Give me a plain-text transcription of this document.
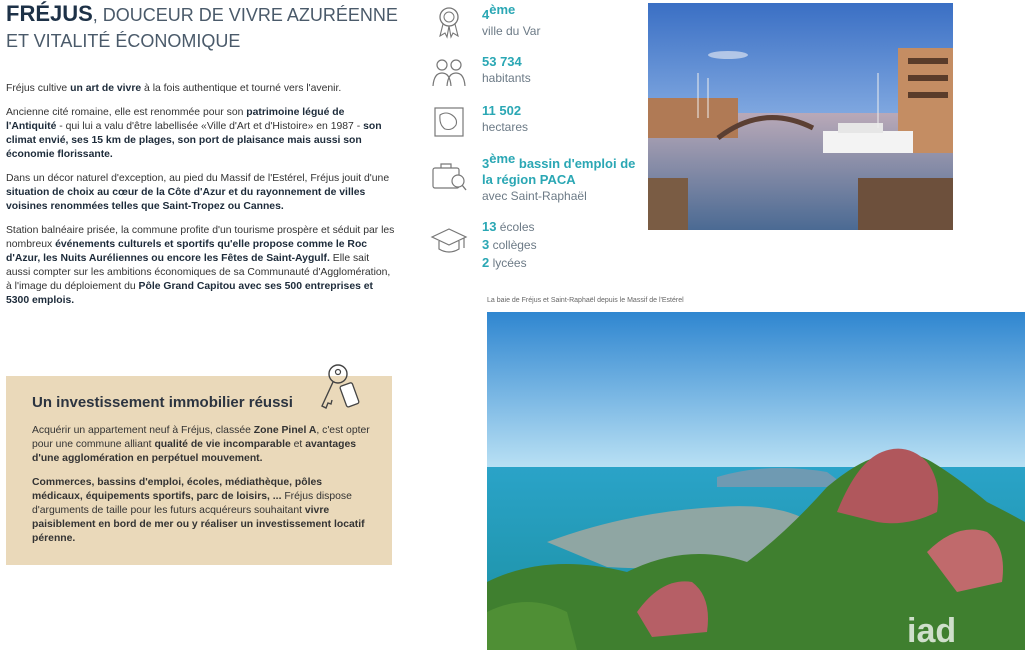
FRÉJUS, DOUCEUR DE VIVRE AZURÉENNE
ET VITALITÉ ÉCONOMIQUE

Fréjus cultive un art de vivre à la fois authentique et tourné vers l'avenir.

Ancienne cité romaine, elle est renommée pour son patrimoine légué de l'Antiquité - qui lui a valu d'être labellisée «Ville d'Art et d'Histoire» en 1987 - son climat envié, ses 15 km de plages, son port de plaisance mais aussi son économie florissante.

Dans un décor naturel d'exception, au pied du Massif de l'Estérel, Fréjus jouit d'une situation de choix au cœur de la Côte d'Azur et du rayonnement de villes voisines renommées telles que Saint-Tropez ou Cannes.

Station balnéaire prisée, la commune profite d'un tourisme prospère et séduit par les nombreux événements culturels et sportifs qu'elle propose comme le Roc d'Azur, les Nuits Auréliennes ou encore les Fêtes de Saint-Aygulf. Elle sait aussi compter sur les ambitions économiques de sa Communauté d'Agglomération, à l'image du déploiement du Pôle Grand Capitou avec ses 500 entreprises et 5300 emplois.

4ème
ville du Var
53 734
habitants
11 502
hectares
3ème bassin d'emploi de la région PACA
avec Saint-Raphaël
13 écoles
3 collèges
2 lycées
La baie de Fréjus et Saint-Raphaël depuis le Massif de l'Estérel
iad
Un investissement immobilier réussi

Acquérir un appartement neuf à Fréjus, classée Zone Pinel A, c'est opter pour une commune alliant qualité de vie incomparable et avantages d'une agglomération en perpétuel mouvement.

Commerces, bassins d'emploi, écoles, médiathèque, pôles médicaux, équipements sportifs, parc de loisirs, ... Fréjus dispose d'arguments de taille pour les futurs acquéreurs souhaitant vivre paisiblement en bord de mer ou y réaliser un investissement locatif pérenne.
